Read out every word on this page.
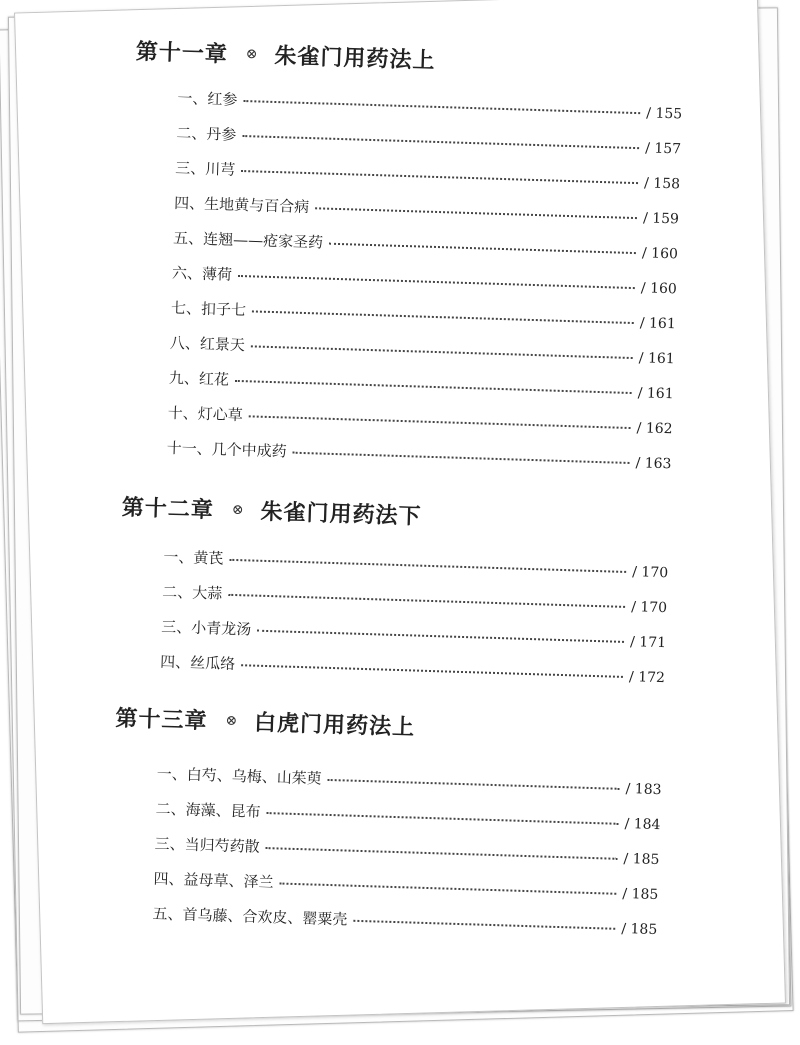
第十一章 ⊗ 朱雀门用药法上
一、红参
/ 155
二、丹参
/ 157
三、川芎
/ 158
四、生地黄与百合病
/ 159
五、连翘——疮家圣药
/ 160
六、薄荷
/ 160
七、扣子七
/ 161
八、红景天
/ 161
九、红花
/ 161
十、灯心草
/ 162
十一、几个中成药
/ 163
第十二章 ⊗ 朱雀门用药法下
一、黄芪
/ 170
二、大蒜
/ 170
三、小青龙汤
/ 171
四、丝瓜络
/ 172
第十三章 ⊗ 白虎门用药法上
一、白芍、乌梅、山茱萸
/ 183
二、海藻、昆布
/ 184
三、当归芍药散
/ 185
四、益母草、泽兰
/ 185
五、首乌藤、合欢皮、罂粟壳
/ 185
